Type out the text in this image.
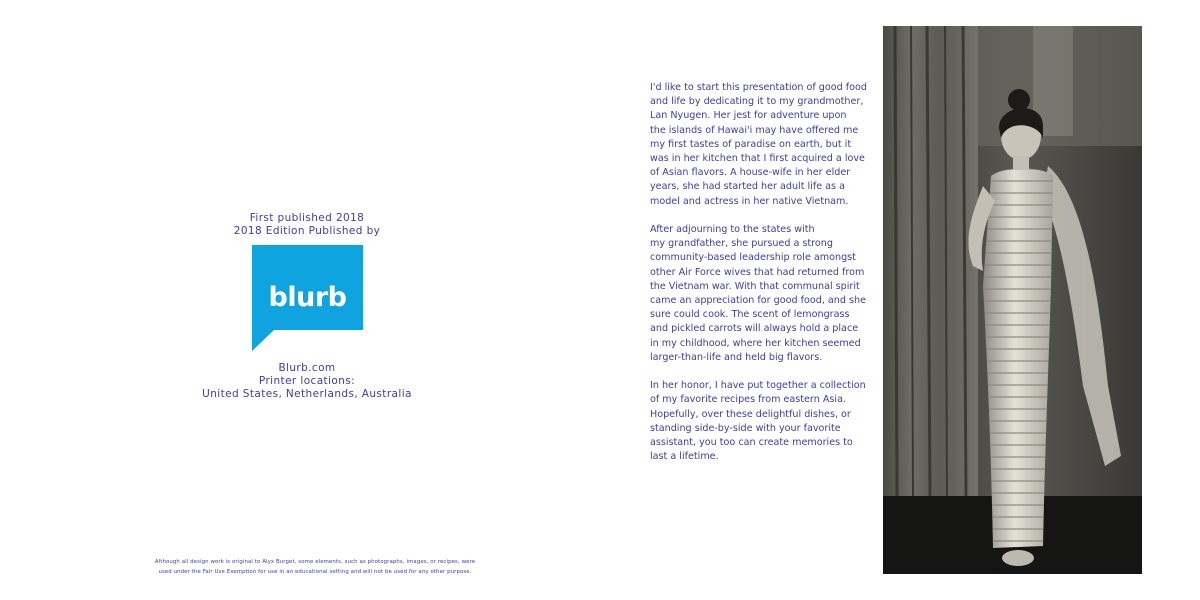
First published 2018
2018 Edition Published by
blurb
Blurb.com
Printer locations:
United States, Netherlands, Australia
Although all design work is original to Alyx Burget, some elements, such as photographs, images, or recipes, were
used under the Fair Use Exemption for use in an educational setting and will not be used for any other purpose.

I'd like to start this presentation of good food
and life by dedicating it to my grandmother,
Lan Nyugen. Her jest for adventure upon
the islands of Hawai'i may have offered me
my first tastes of paradise on earth, but it
was in her kitchen that I first acquired a love
of Asian flavors. A house-wife in her elder
years, she had started her adult life as a
model and actress in her native Vietnam.

After adjourning to the states with
my grandfather, she pursued a strong
community-based leadership role amongst
other Air Force wives that had returned from
the Vietnam war. With that communal spirit
came an appreciation for good food, and she
sure could cook. The scent of lemongrass
and pickled carrots will always hold a place
in my childhood, where her kitchen seemed
larger-than-life and held big flavors.

In her honor, I have put together a collection
of my favorite recipes from eastern Asia.
Hopefully, over these delightful dishes, or
standing side-by-side with your favorite
assistant, you too can create memories to
last a lifetime.
